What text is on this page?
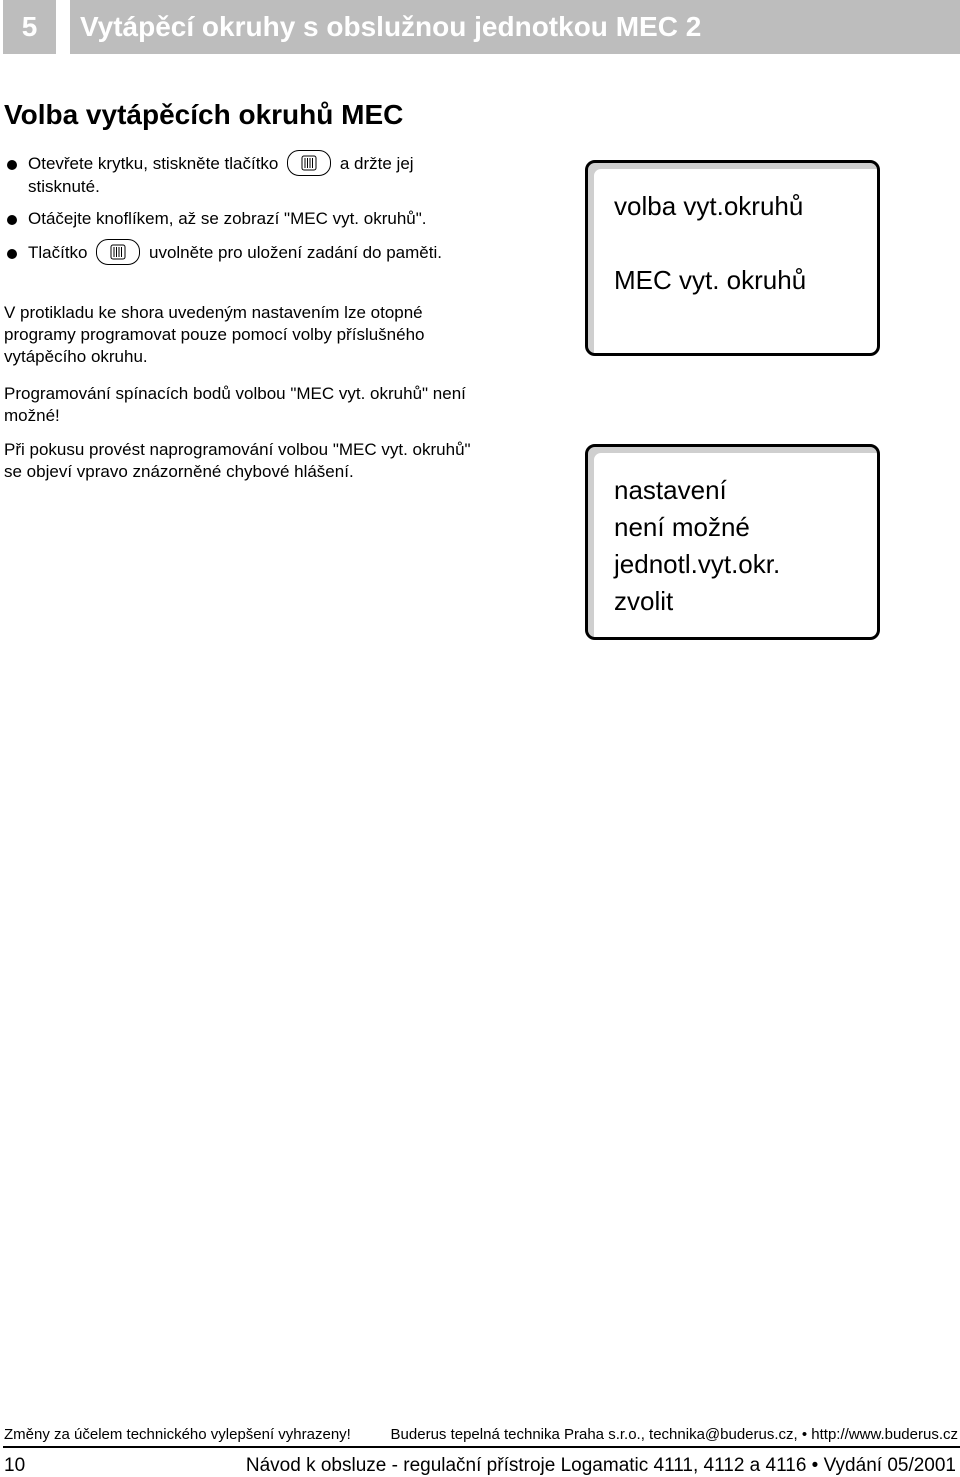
5	Vytápěcí okruhy s obslužnou jednotkou MEC 2
Volba vytápěcích okruhů MEC
Otevřete krytku, stiskněte tlačítko	a držte jej stisknuté.
Otáčejte knoflíkem, až se zobrazí "MEC vyt. okruhů".
Tlačítko	uvolněte pro uložení zadání do paměti.
V protikladu ke shora uvedeným nastavením lze otopné programy programovat pouze pomocí volby příslušného vytápěcího okruhu.
Programování spínacích bodů volbou "MEC vyt. okruhů" není možné!
Při pokusu provést naprogramování volbou "MEC vyt. okruhů" se objeví vpravo znázorněné chybové hlášení.
volba vyt.okruhů
MEC vyt. okruhů
nastavení
není možné
jednotl.vyt.okr.
zvolit
Změny za účelem technického vylepšení vyhrazeny!	Buderus tepelná technika Praha s.r.o., technika@buderus.cz, • http://www.buderus.cz
10	Návod k obsluze - regulační přístroje Logamatic 4111, 4112 a 4116 • Vydání 05/2001
